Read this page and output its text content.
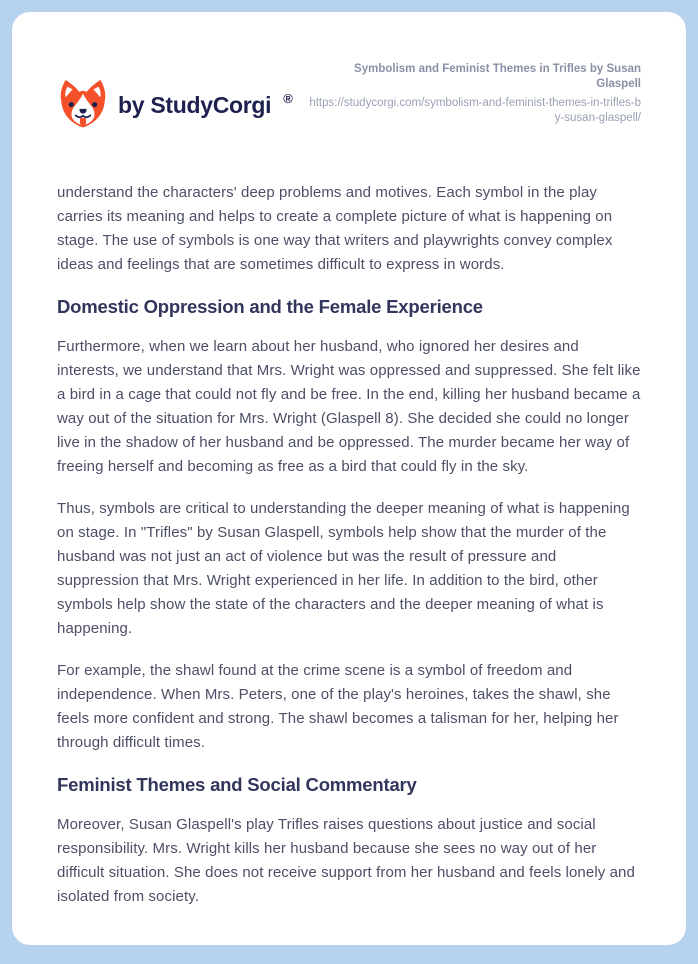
by StudyCorgi ®
Symbolism and Feminist Themes in Trifles by Susan Glaspell
https://studycorgi.com/symbolism-and-feminist-themes-in-trifles-by-susan-glaspell/

understand the characters' deep problems and motives. Each symbol in the play carries its meaning and helps to create a complete picture of what is happening on stage. The use of symbols is one way that writers and playwrights convey complex ideas and feelings that are sometimes difficult to express in words.

Domestic Oppression and the Female Experience

Furthermore, when we learn about her husband, who ignored her desires and interests, we understand that Mrs. Wright was oppressed and suppressed. She felt like a bird in a cage that could not fly and be free. In the end, killing her husband became a way out of the situation for Mrs. Wright (Glaspell 8). She decided she could no longer live in the shadow of her husband and be oppressed. The murder became her way of freeing herself and becoming as free as a bird that could fly in the sky.

Thus, symbols are critical to understanding the deeper meaning of what is happening on stage. In "Trifles" by Susan Glaspell, symbols help show that the murder of the husband was not just an act of violence but was the result of pressure and suppression that Mrs. Wright experienced in her life. In addition to the bird, other symbols help show the state of the characters and the deeper meaning of what is happening.

For example, the shawl found at the crime scene is a symbol of freedom and independence. When Mrs. Peters, one of the play's heroines, takes the shawl, she feels more confident and strong. The shawl becomes a talisman for her, helping her through difficult times.

Feminist Themes and Social Commentary

Moreover, Susan Glaspell's play Trifles raises questions about justice and social responsibility. Mrs. Wright kills her husband because she sees no way out of her difficult situation. She does not receive support from her husband and feels lonely and isolated from society.
